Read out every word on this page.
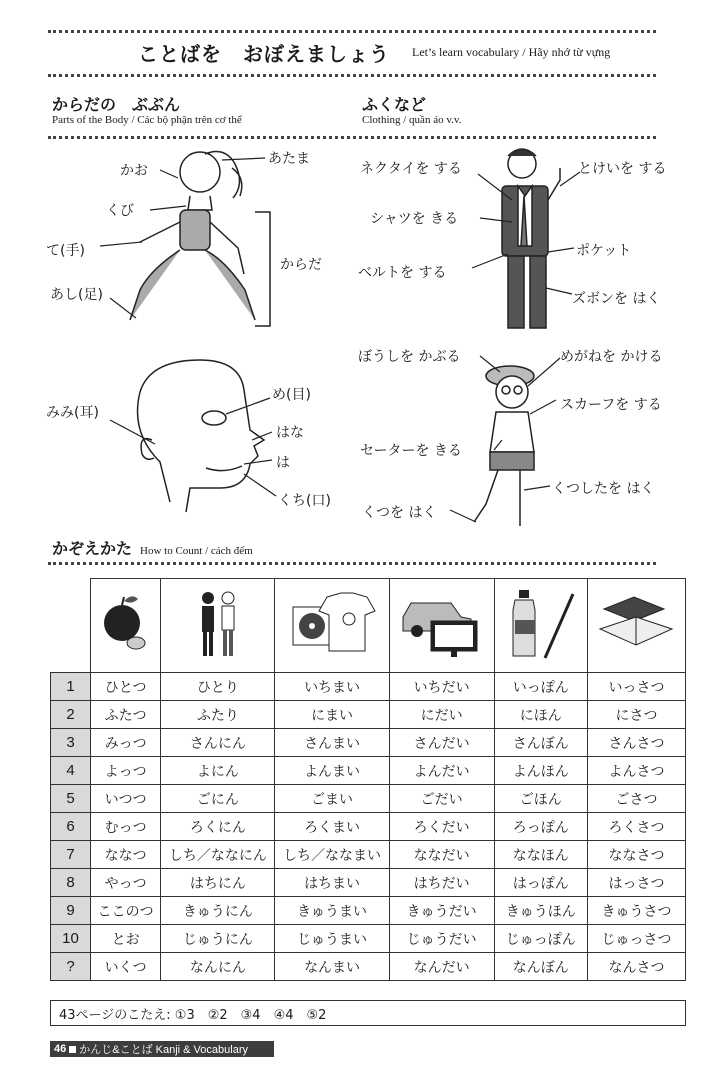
ことばを　おぼえましょう Let’s learn vocabulary / Hãy nhớ từ vựng
からだの　ぶぶん
Parts of the Body / Các bộ phận trên cơ thể
ふくなど
Clothing / quần áo v.v.
かお
あたま
くび
て(手)
からだ
あし(足)
め(目)
みみ(耳)
はな
は
くち(口)
ネクタイを する	とけいを する
シャツを きる
ポケット
ベルトを する
ズボンを はく
ぼうしを かぶる	めがねを かける
スカーフを する
セーターを きる
くつしたを はく
くつを はく
かぞえかた How to Count / cách đếm

1	ひとつ	ひとり	いちまい	いちだい	いっぽん	いっさつ
2	ふたつ	ふたり	にまい	にだい	にほん	にさつ
3	みっつ	さんにん	さんまい	さんだい	さんぼん	さんさつ
4	よっつ	よにん	よんまい	よんだい	よんほん	よんさつ
5	いつつ	ごにん	ごまい	ごだい	ごほん	ごさつ
6	むっつ	ろくにん	ろくまい	ろくだい	ろっぽん	ろくさつ
7	ななつ	しち／ななにん	しち／ななまい	ななだい	ななほん	ななさつ
8	やっつ	はちにん	はちまい	はちだい	はっぽん	はっさつ
9	ここのつ	きゅうにん	きゅうまい	きゅうだい	きゅうほん	きゅうさつ
10	とお	じゅうにん	じゅうまい	じゅうだい	じゅっぽん	じゅっさつ
?	いくつ	なんにん	なんまい	なんだい	なんぼん	なんさつ
43ページのこたえ: ①3　②2　③4　④4　⑤2
46 かんじ&ことば Kanji & Vocabulary
